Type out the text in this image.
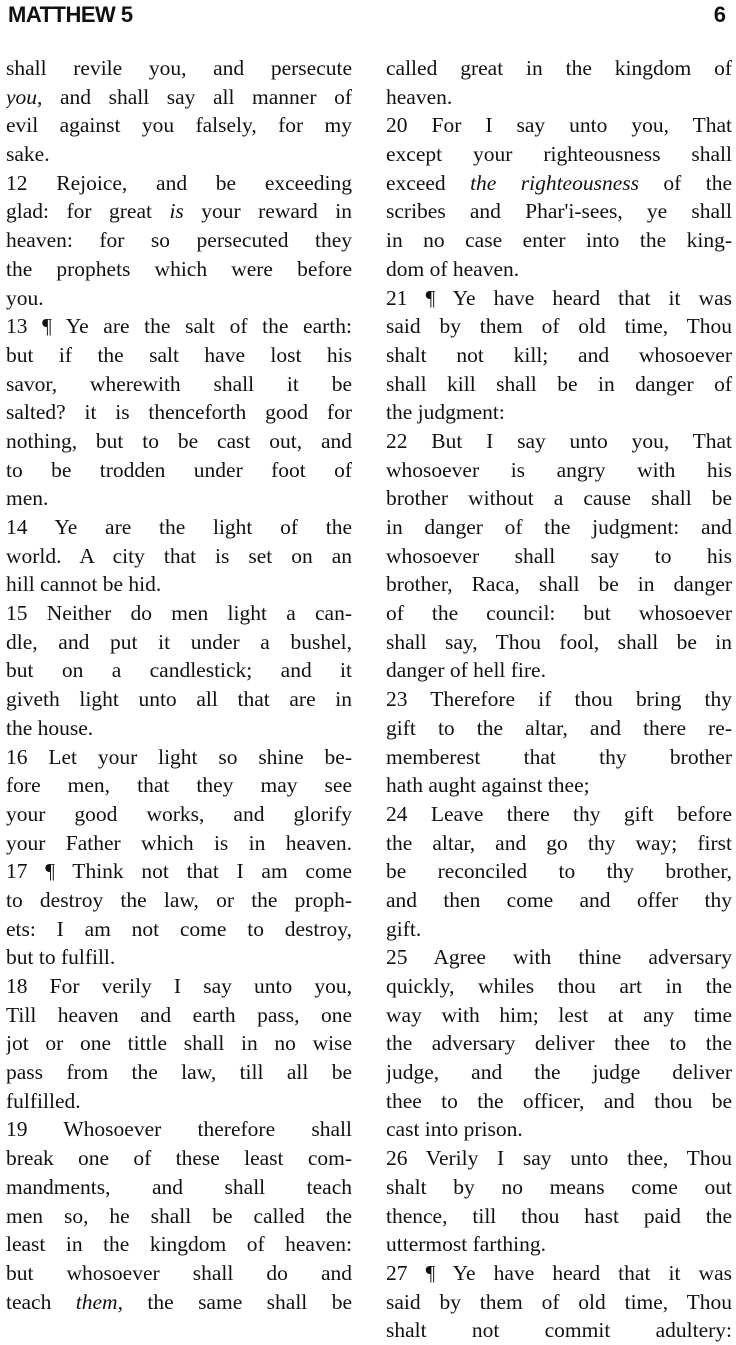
MATTHEW 5	6
shall revile you, and persecute
you, and shall say all manner of
evil against you falsely, for my
sake.
12 Rejoice, and be exceeding
glad: for great is your reward in
heaven: for so persecuted they
the prophets which were before
you.
13 ¶ Ye are the salt of the earth:
but if the salt have lost his
savor, wherewith shall it be
salted? it is thenceforth good for
nothing, but to be cast out, and
to be trodden under foot of
men.
14 Ye are the light of the
world. A city that is set on an
hill cannot be hid.
15 Neither do men light a can-
dle, and put it under a bushel,
but on a candlestick; and it
giveth light unto all that are in
the house.
16 Let your light so shine be-
fore men, that they may see
your good works, and glorify
your Father which is in heaven.
17 ¶ Think not that I am come
to destroy the law, or the proph-
ets: I am not come to destroy,
but to fulfill.
18 For verily I say unto you,
Till heaven and earth pass, one
jot or one tittle shall in no wise
pass from the law, till all be
fulfilled.
19 Whosoever therefore shall
break one of these least com-
mandments, and shall teach
men so, he shall be called the
least in the kingdom of heaven:
but whosoever shall do and
teach them, the same shall be
called great in the kingdom of
heaven.
20 For I say unto you, That
except your righteousness shall
exceed the righteousness of the
scribes and Phar'i-sees, ye shall
in no case enter into the king-
dom of heaven.
21 ¶ Ye have heard that it was
said by them of old time, Thou
shalt not kill; and whosoever
shall kill shall be in danger of
the judgment:
22 But I say unto you, That
whosoever is angry with his
brother without a cause shall be
in danger of the judgment: and
whosoever shall say to his
brother, Raca, shall be in danger
of the council: but whosoever
shall say, Thou fool, shall be in
danger of hell fire.
23 Therefore if thou bring thy
gift to the altar, and there re-
memberest that thy brother
hath aught against thee;
24 Leave there thy gift before
the altar, and go thy way; first
be reconciled to thy brother,
and then come and offer thy
gift.
25 Agree with thine adversary
quickly, whiles thou art in the
way with him; lest at any time
the adversary deliver thee to the
judge, and the judge deliver
thee to the officer, and thou be
cast into prison.
26 Verily I say unto thee, Thou
shalt by no means come out
thence, till thou hast paid the
uttermost farthing.
27 ¶ Ye have heard that it was
said by them of old time, Thou
shalt not commit adultery:
